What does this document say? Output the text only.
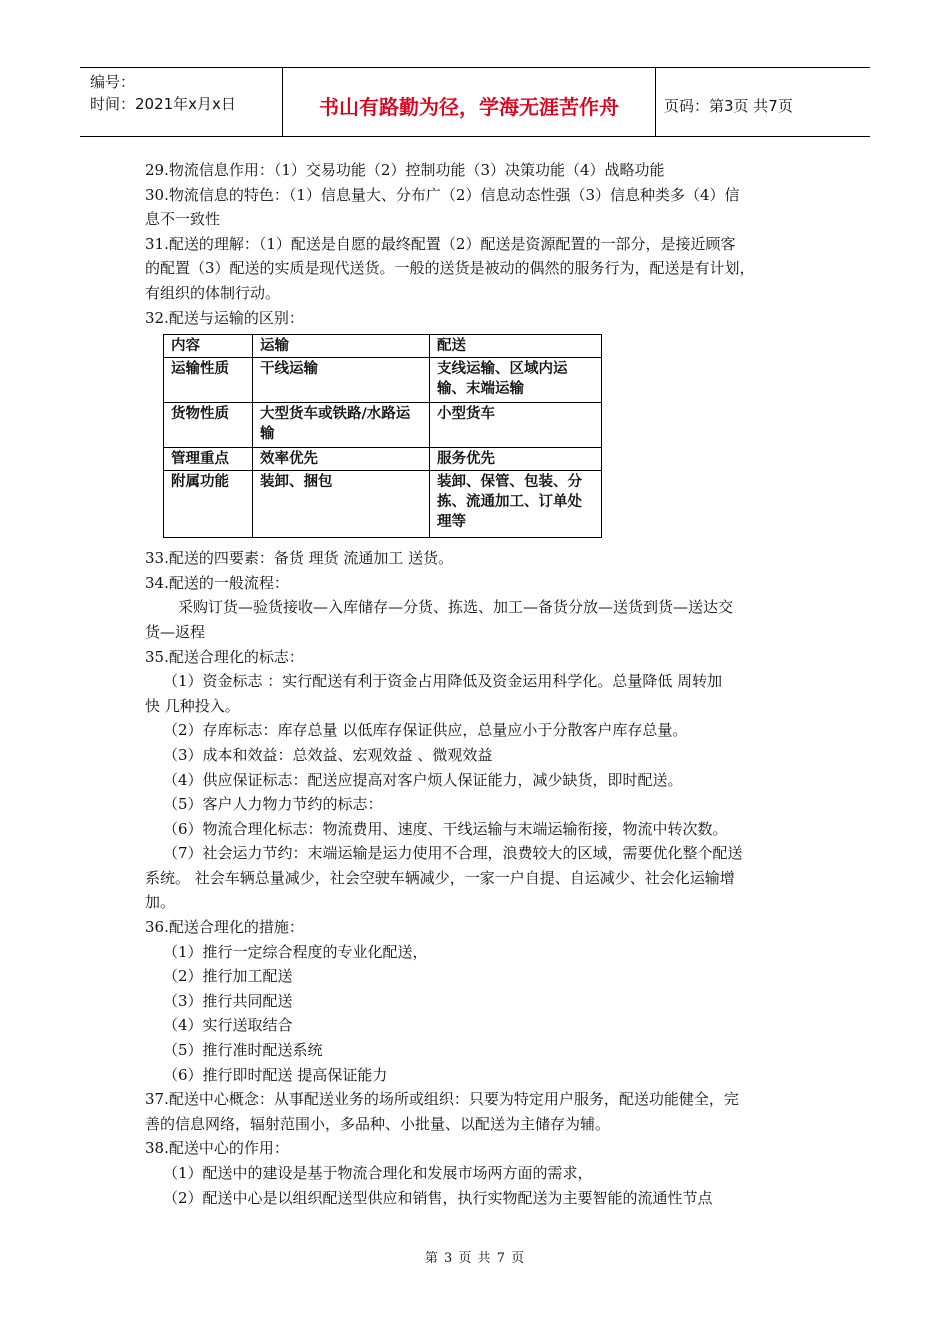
编号：
时间：2021年x月x日	书山有路勤为径，学海无涯苦作舟	页码：第3页 共7页

29.物流信息作用：（1）交易功能（2）控制功能（3）决策功能（4）战略功能

30.物流信息的特色：（1）信息量大、分布广（2）信息动态性强（3）信息种类多（4）信

息不一致性

31.配送的理解：（1）配送是自愿的最终配置（2）配送是资源配置的一部分，是接近顾客

的配置（3）配送的实质是现代送货。一般的送货是被动的偶然的服务行为，配送是有计划，

有组织的体制行动。

32.配送与运输的区别：

内容	运输	配送
运输性质	干线运输	支线运输、区域内运输、末端运输
货物性质	大型货车或铁路/水路运输	小型货车
管理重点	效率优先	服务优先
附属功能	装卸、捆包	装卸、保管、包装、分拣、流通加工、订单处理等

33.配送的四要素：备货 理货 流通加工 送货。

34.配送的一般流程：

采购订货—验货接收—入库储存—分货、拣选、加工—备货分放—送货到货—送达交

货—返程

35.配送合理化的标志：

（1）资金标志 ：实行配送有利于资金占用降低及资金运用科学化。总量降低 周转加

快 几种投入。

（2）存库标志：库存总量 以低库存保证供应，总量应小于分散客户库存总量。

（3）成本和效益：总效益、宏观效益 、微观效益

（4）供应保证标志：配送应提高对客户烦人保证能力，减少缺货，即时配送。

（5）客户人力物力节约的标志：

（6）物流合理化标志：物流费用、速度、干线运输与末端运输衔接，物流中转次数。

（7）社会运力节约：末端运输是运力使用不合理，浪费较大的区域，需要优化整个配送

系统。 社会车辆总量减少，社会空驶车辆减少，一家一户自提、自运减少、社会化运输增

加。

36.配送合理化的措施：

（1）推行一定综合程度的专业化配送，

（2）推行加工配送

（3）推行共同配送

（4）实行送取结合

（5）推行准时配送系统

（6）推行即时配送 提高保证能力

37.配送中心概念：从事配送业务的场所或组织：只要为特定用户服务，配送功能健全，完

善的信息网络，辐射范围小，多品种、小批量、以配送为主储存为辅。

38.配送中心的作用：

（1）配送中的建设是基于物流合理化和发展市场两方面的需求，

（2）配送中心是以组织配送型供应和销售，执行实物配送为主要智能的流通性节点

第 3 页 共 7 页
